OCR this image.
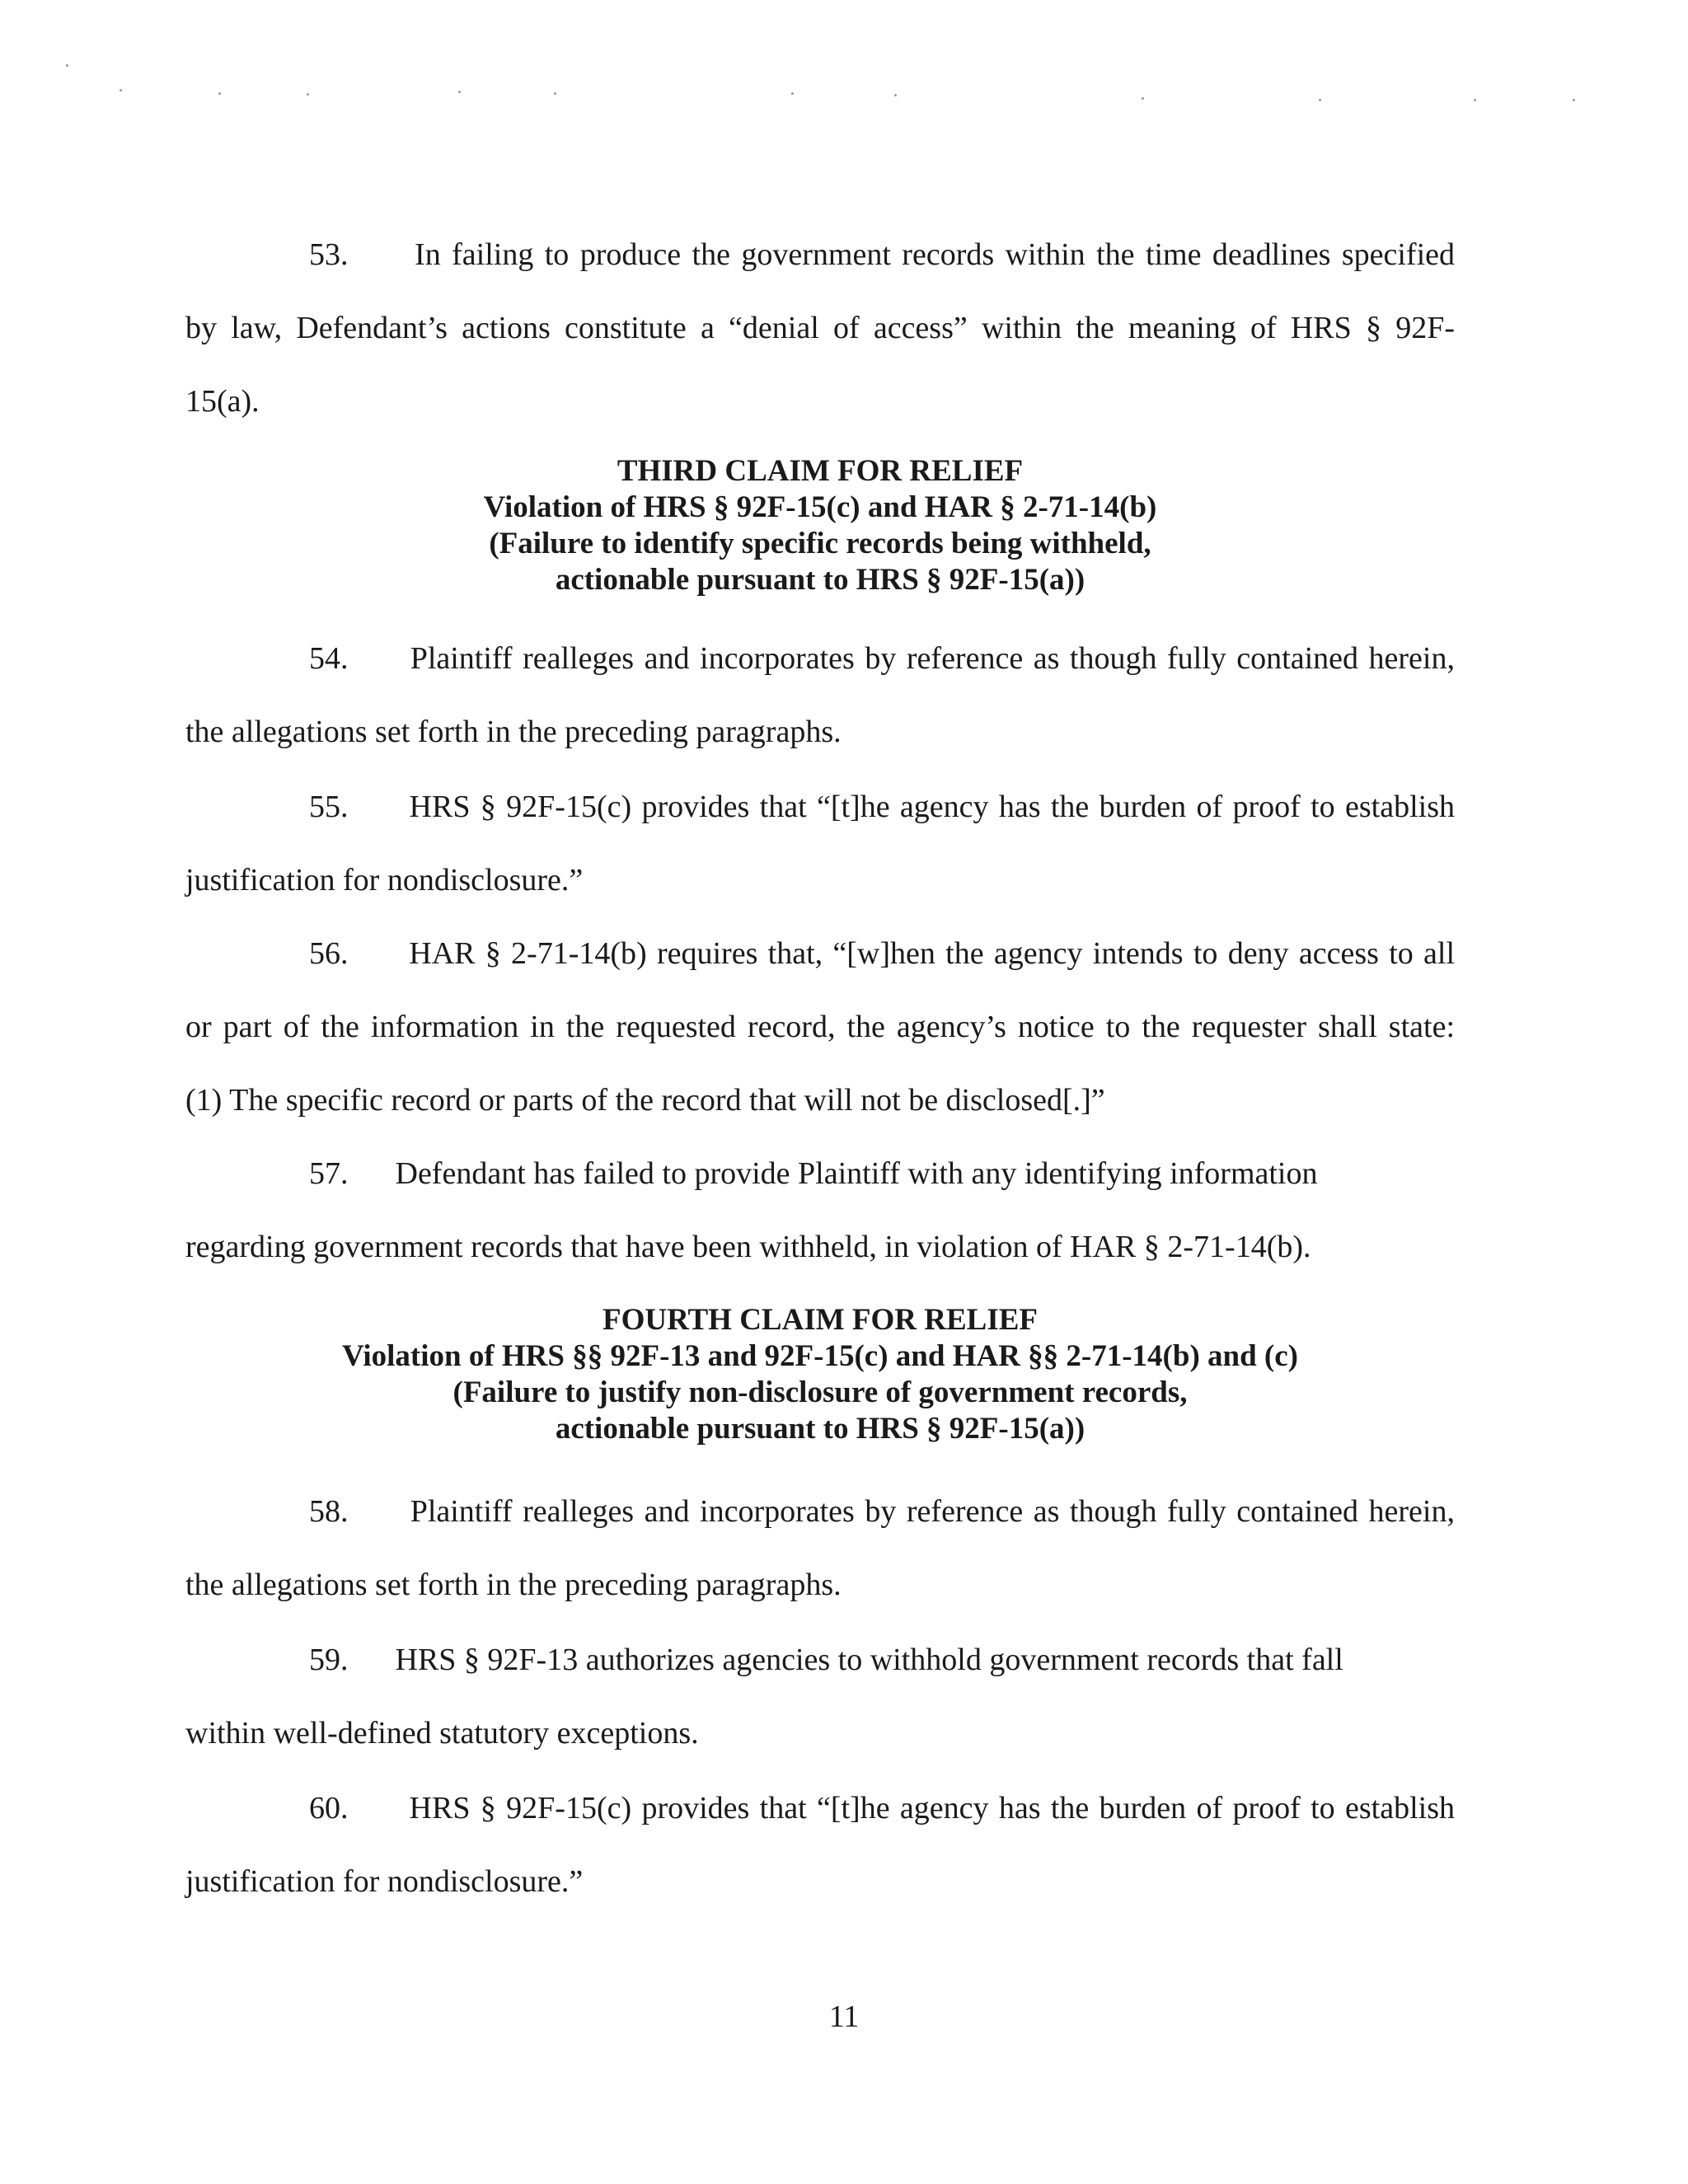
53. In failing to produce the government records within the time deadlines specified
by law, Defendant’s actions constitute a “denial of access” within the meaning of HRS § 92F-
15(a).
THIRD CLAIM FOR RELIEF
Violation of HRS § 92F-15(c) and HAR § 2-71-14(b)
(Failure to identify specific records being withheld,
actionable pursuant to HRS § 92F-15(a))
54. Plaintiff realleges and incorporates by reference as though fully contained herein,
the allegations set forth in the preceding paragraphs.
55. HRS § 92F-15(c) provides that “[t]he agency has the burden of proof to establish
justification for nondisclosure.”
56. HAR § 2-71-14(b) requires that, “[w]hen the agency intends to deny access to all
or part of the information in the requested record, the agency’s notice to the requester shall state:
(1) The specific record or parts of the record that will not be disclosed[.]”
57. Defendant has failed to provide Plaintiff with any identifying information
regarding government records that have been withheld, in violation of HAR § 2-71-14(b).
FOURTH CLAIM FOR RELIEF
Violation of HRS §§ 92F-13 and 92F-15(c) and HAR §§ 2-71-14(b) and (c)
(Failure to justify non-disclosure of government records,
actionable pursuant to HRS § 92F-15(a))
58. Plaintiff realleges and incorporates by reference as though fully contained herein,
the allegations set forth in the preceding paragraphs.
59. HRS § 92F-13 authorizes agencies to withhold government records that fall
within well-defined statutory exceptions.
60. HRS § 92F-15(c) provides that “[t]he agency has the burden of proof to establish
justification for nondisclosure.”
11
